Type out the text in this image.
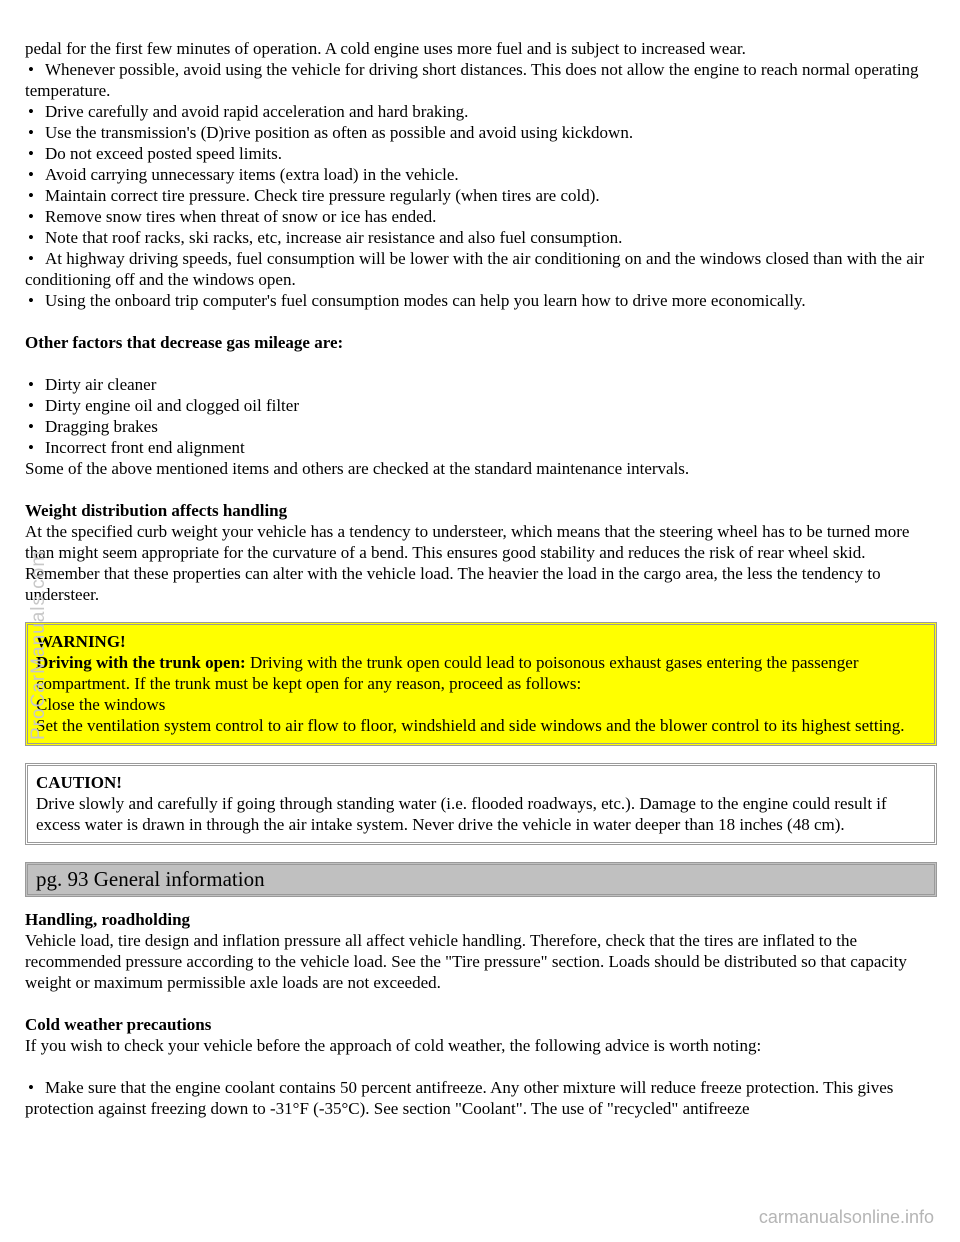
pedal for the first few minutes of operation. A cold engine uses more fuel and is subject to increased wear.

• Whenever possible, avoid using the vehicle for driving short distances. This does not allow the engine to reach normal operating temperature.
• Drive carefully and avoid rapid acceleration and hard braking.
• Use the transmission's (D)rive position as often as possible and avoid using kickdown.
• Do not exceed posted speed limits.
• Avoid carrying unnecessary items (extra load) in the vehicle.
• Maintain correct tire pressure. Check tire pressure regularly (when tires are cold).
• Remove snow tires when threat of snow or ice has ended.
• Note that roof racks, ski racks, etc, increase air resistance and also fuel consumption.
• At highway driving speeds, fuel consumption will be lower with the air conditioning on and the windows closed than with the air conditioning off and the windows open.
• Using the onboard trip computer's fuel consumption modes can help you learn how to drive more economically.

Other factors that decrease gas mileage are:

• Dirty air cleaner
• Dirty engine oil and clogged oil filter
• Dragging brakes
• Incorrect front end alignment

Some of the above mentioned items and others are checked at the standard maintenance intervals.

Weight distribution affects handling

At the specified curb weight your vehicle has a tendency to understeer, which means that the steering wheel has to be turned more than might seem appropriate for the curvature of a bend. This ensures good stability and reduces the risk of rear wheel skid. Remember that these properties can alter with the vehicle load. The heavier the load in the cargo area, the less the tendency to understeer.

WARNING!
Driving with the trunk open: Driving with the trunk open could lead to poisonous exhaust gases entering the passenger compartment. If the trunk must be kept open for any reason, proceed as follows:
Close the windows
Set the ventilation system control to air flow to floor, windshield and side windows and the blower control to its highest setting.
CAUTION!
Drive slowly and carefully if going through standing water (i.e. flooded roadways, etc.). Damage to the engine could result if excess water is drawn in through the air intake system. Never drive the vehicle in water deeper than 18 inches (48 cm).
pg. 93 General information

Handling, roadholding

Vehicle load, tire design and inflation pressure all affect vehicle handling. Therefore, check that the tires are inflated to the recommended pressure according to the vehicle load. See the "Tire pressure" section. Loads should be distributed so that capacity weight or maximum permissible axle loads are not exceeded.

Cold weather precautions

If you wish to check your vehicle before the approach of cold weather, the following advice is worth noting:

• Make sure that the engine coolant contains 50 percent antifreeze. Any other mixture will reduce freeze protection. This gives protection against freezing down to -31°F (-35°C). See section "Coolant". The use of "recycled" antifreeze
ProCarManuals.com
carmanualsonline.info
